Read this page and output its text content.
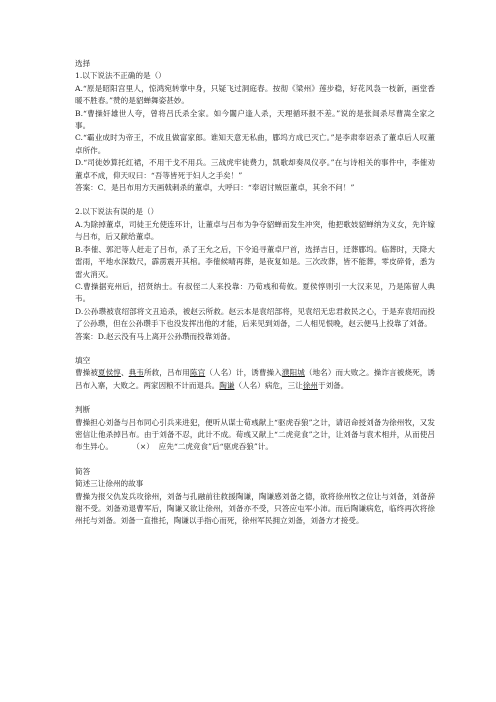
选择

1.以下说法不正确的是（）

A.“原是昭阳宫里人，惊鸿宛转掌中身，只疑飞过洞庭春。按彻《梁州》莲步稳，好花风袅一枝新，画堂香暖不胜春。”赞的是貂蝉舞姿甚妙。

B.“曹操奸雄世人夸，曾将吕氏杀全家。如今闔户逢人杀，天理循环报不差。”说的是张闿杀尽曹嵩全家之事。

C.“霸业成时为帝王，不成且做富家郎。谁知天意无私曲，郿坞方成已灭亡。”是李肃奉诏杀了董卓后人叹董卓所作。

D.“司徒妙算托红裙，不用干戈不用兵。三战虎牢徒费力，凯歌却奏凤仪亭。”在与诗相关的事件中，李傕劝董卓不成，仰天叹曰：“吾等皆死于妇人之手矣！”

答案：C．是吕布用方天画戟刺杀的董卓，大呼曰：“奉诏讨贼臣董卓，其余不问！”

2.以下说法有误的是（）

A.为除掉董卓，司徒王允使连环计，让董卓与吕布为争夺貂蝉而发生冲突，他把歌妓貂蝉纳为义女，先许嫁与吕布，后又献给董卓。

B.李傕、郭汜等人赶走了吕布，杀了王允之后，下令追寻董卓尸首，选择吉日，迁葬郿坞。临葬时，天降大雷雨，平地水深数尺，霹雳震开其棺。李傕候晴再葬，是夜复如是。三次改葬，皆不能葬，零皮碎骨，悉为雷火消灭。

C.曹操据兖州后，招贤纳士。有叔侄二人来投靠：乃荀彧和荀攸。夏侯惇则引一大汉来见，乃是陈留人典韦。

D.公孙瓒被袁绍部将文丑追杀，被赵云所救。赵云本是袁绍部将，见袁绍无忠君救民之心，于是弃袁绍而投了公孙瓒，但在公孙瓒手下也没发挥出他的才能，后来见到刘备，二人相见恨晚，赵云便马上投靠了刘备。

答案：D.赵云没有马上离开公孙瓒而投靠刘备。

填空

曹操被夏侯惇、典韦所救，吕布用陈宫（人名）计，诱曹操入濮阳城（地名）而大败之。操诈言被烧死，诱吕布入寨，大败之。两家因粮不计而退兵。陶谦（人名）病危，三让徐州于刘备。

判断

曹操担心刘备与吕布同心引兵来进犯，便听从谋士荀彧献上“驱虎吞狼”之计，请诏命授刘备为徐州牧，又发密信让他杀掉吕布。由于刘备不忍，此计不成。荀彧又献上“二虎竞食”之计，让刘备与袁术相并，从而使吕布生异心。	（×） 应先“二虎竞食”后“驱虎吞狼”计。

简答

简述三让徐州的故事

曹操为报父仇发兵攻徐州，刘备与孔融前往救援陶谦，陶谦感刘备之德，欲将徐州牧之位让与刘备，刘备辞谢不受。刘备劝退曹军后，陶谦又欲让徐州，刘备亦不受，只答应屯军小沛。而后陶谦病危，临终再次将徐州托与刘备。刘备一直推托，陶谦以手指心而死，徐州军民拥立刘备，刘备方才接受。
